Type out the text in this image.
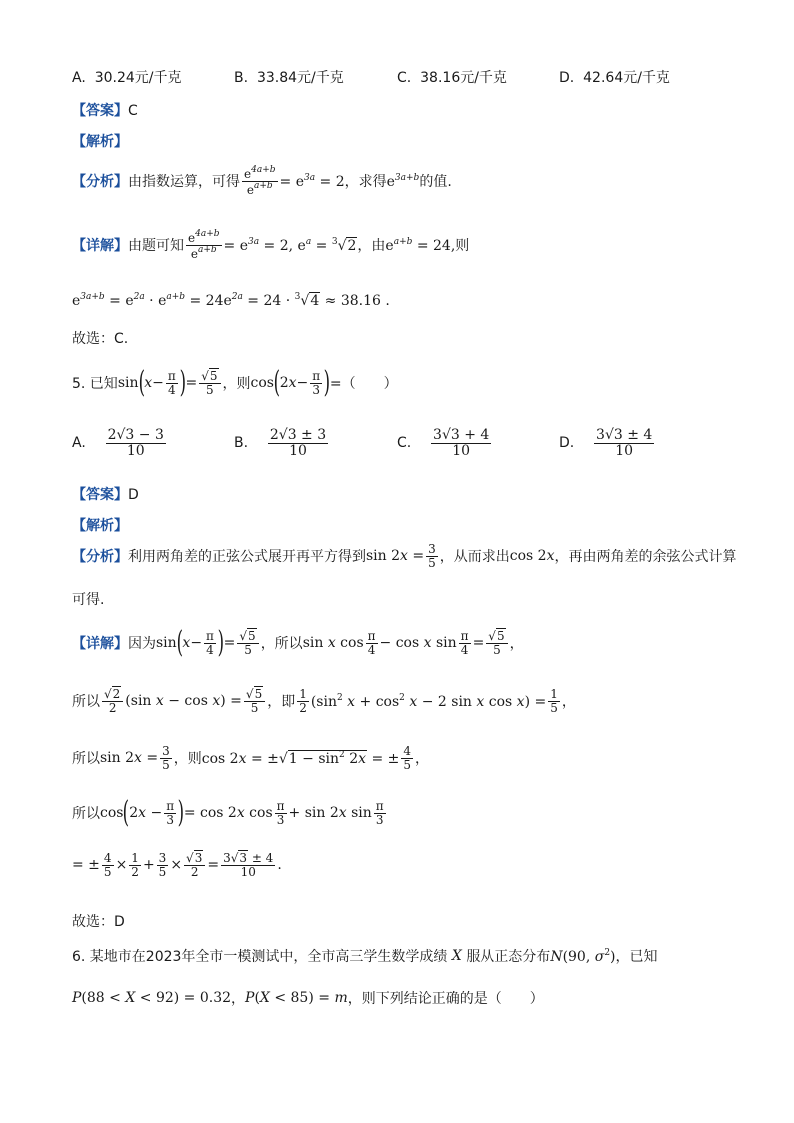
A. 30.24元/千克	B. 33.84元/千克	C. 38.16元/千克	D. 42.64元/千克
【答案】C
【解析】
【分析】 由指数运算，可得 $\frac{e^{4a+b}}{e^{a+b}} = e^{3a} = 2$ ，求得 $e^{3a+b}$ 的值.
【详解】 由题可知 $\frac{e^{4a+b}}{e^{a+b}} = e^{3a} = 2$, $e^a = ^3√2$ ，由 $e^{a+b} = 24$, 则
$e^{3a+b} = e^{2a} \cdot e^{a+b} = 24e^{2a} = 24 \cdot ^3√4 \approx 38.16$ .
故选：C.
5. 已知 sin ( $x - \frac{\pi}{4}$ ) = $\frac{√5}{5}$ ，则 cos ( $2x- \frac{\pi}{3}$ ) =（　　）
A.
$\frac{2√3 - 3}{10}$	B.
$\frac{2√3 \pm 3}{10}$	C.
$\frac{3√3 + 4}{10}$	D.
$\frac{3√3 \pm 4}{10}$
【答案】D
【解析】
【分析】 利用两角差的正弦公式展开再平方得到 $\sin 2x = \frac{3}{5}$ ，从而求出 cos 2x ，再由两角差的余弦公式计算
可得.
【详解】 因为 sin ( $x - \frac{\pi}{4}$ ) = $\frac{√5}{5}$ ，所以 sin x $\cos \frac{\pi}{4} - \cos x$ $\sin \frac{\pi}{4} = \frac{√5}{5}$ ，
所以 $\frac{√2}{2} (\sin$ $x - \cos x) = \frac{√5}{5}$ ，即 $\frac{1}{2} (\sin^2$ $x + \cos^2 x - 2$ sin x $\cos x) = \frac{1}{5}$ ，
所以 $\sin 2x = \frac{3}{5}$ ，则 $\cos 2x = \pm√1 - \sin^2 2x$ = ± $\frac{4}{5}$ ，
所以 cos ( $2x - \frac{\pi}{3}$ ) = cos 2x $\cos \frac{\pi}{3} + \sin 2x$ $\sin \frac{\pi}{3}$
= ± $\frac{4}{5} \times \frac{1}{2} + \frac{3}{5} \times \frac{√3}{2} = \frac{3√3 \pm 4}{10}$ .
故选：D
6. 某地市在2023年全市一模测试中，全市高三学生数学成绩 X 服从正态分布 N(90, $\sigma^2$) ，已知
P(88 < X < 92) = 0.32 ， P(X < 85) = m ，则下列结论正确的是（　　）
